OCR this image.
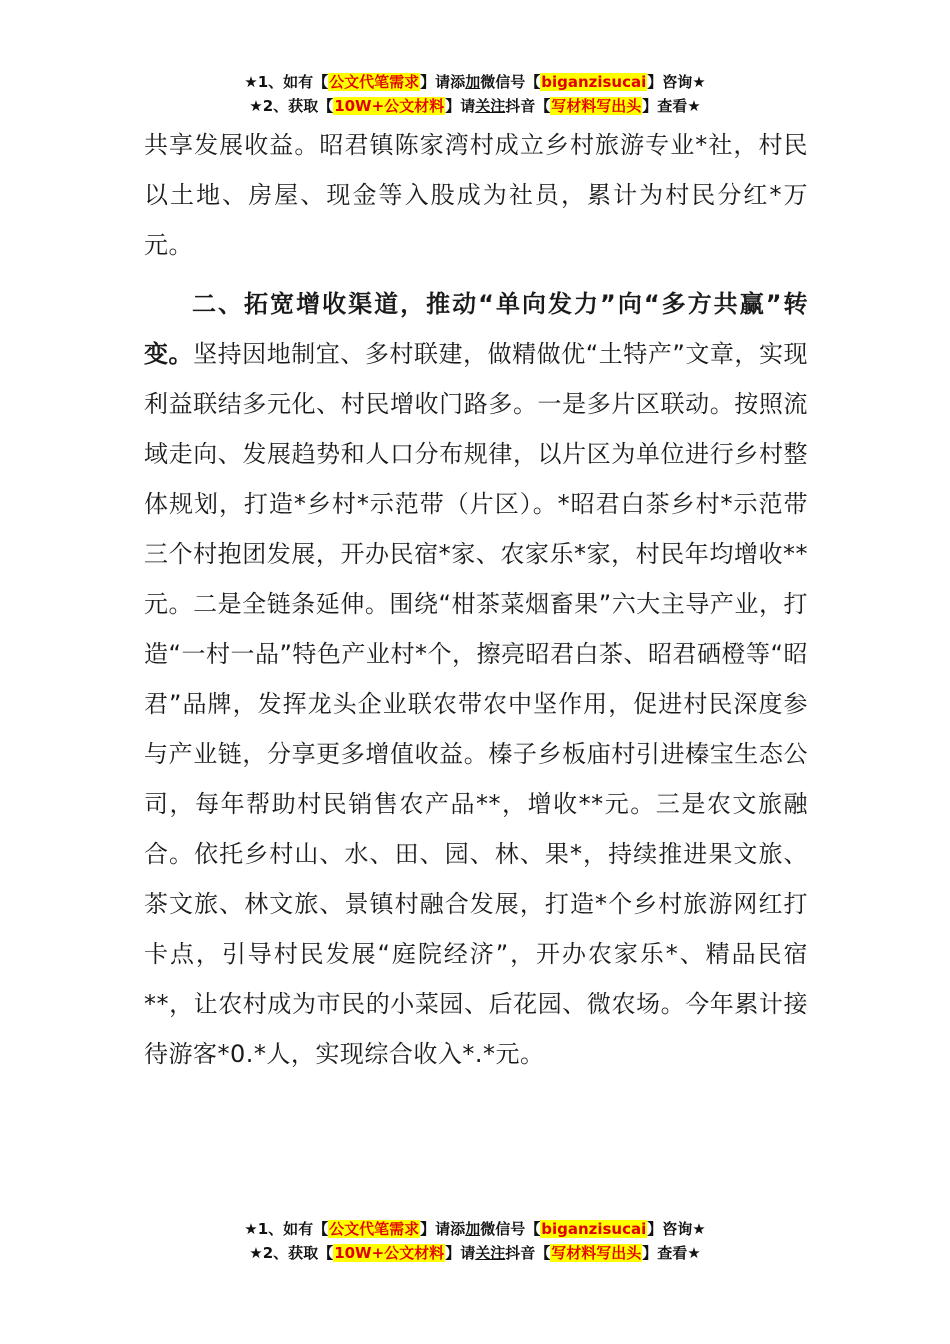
★1、如有【公文代笔需求】请添加微信号【biganzisucai】咨询★
★2、获取【10W+公文材料】请关注抖音【写材料写出头】查看★

共享发展收益。昭君镇陈家湾村成立乡村旅游专业*社，村民以土地、房屋、现金等入股成为社员，累计为村民分红*万元。

二、拓宽增收渠道，推动“单向发力”向“多方共赢”转变。坚持因地制宜、多村联建，做精做优“土特产”文章，实现利益联结多元化、村民增收门路多。一是多片区联动。按照流域走向、发展趋势和人口分布规律，以片区为单位进行乡村整体规划，打造*乡村*示范带（片区）。*昭君白茶乡村*示范带三个村抱团发展，开办民宿*家、农家乐*家，村民年均增收**元。二是全链条延伸。围绕“柑茶菜烟畜果”六大主导产业，打造“一村一品”特色产业村*个，擦亮昭君白茶、昭君硒橙等“昭君”品牌，发挥龙头企业联农带农中坚作用，促进村民深度参与产业链，分享更多增值收益。榛子乡板庙村引进榛宝生态公司，每年帮助村民销售农产品**，增收**元。三是农文旅融合。依托乡村山、水、田、园、林、果*，持续推进果文旅、茶文旅、林文旅、景镇村融合发展，打造*个乡村旅游网红打卡点，引导村民发展“庭院经济”，开办农家乐*、精品民宿**，让农村成为市民的小菜园、后花园、微农场。今年累计接待游客*0.*人，实现综合收入*.*元。

★1、如有【公文代笔需求】请添加微信号【biganzisucai】咨询★
★2、获取【10W+公文材料】请关注抖音【写材料写出头】查看★
